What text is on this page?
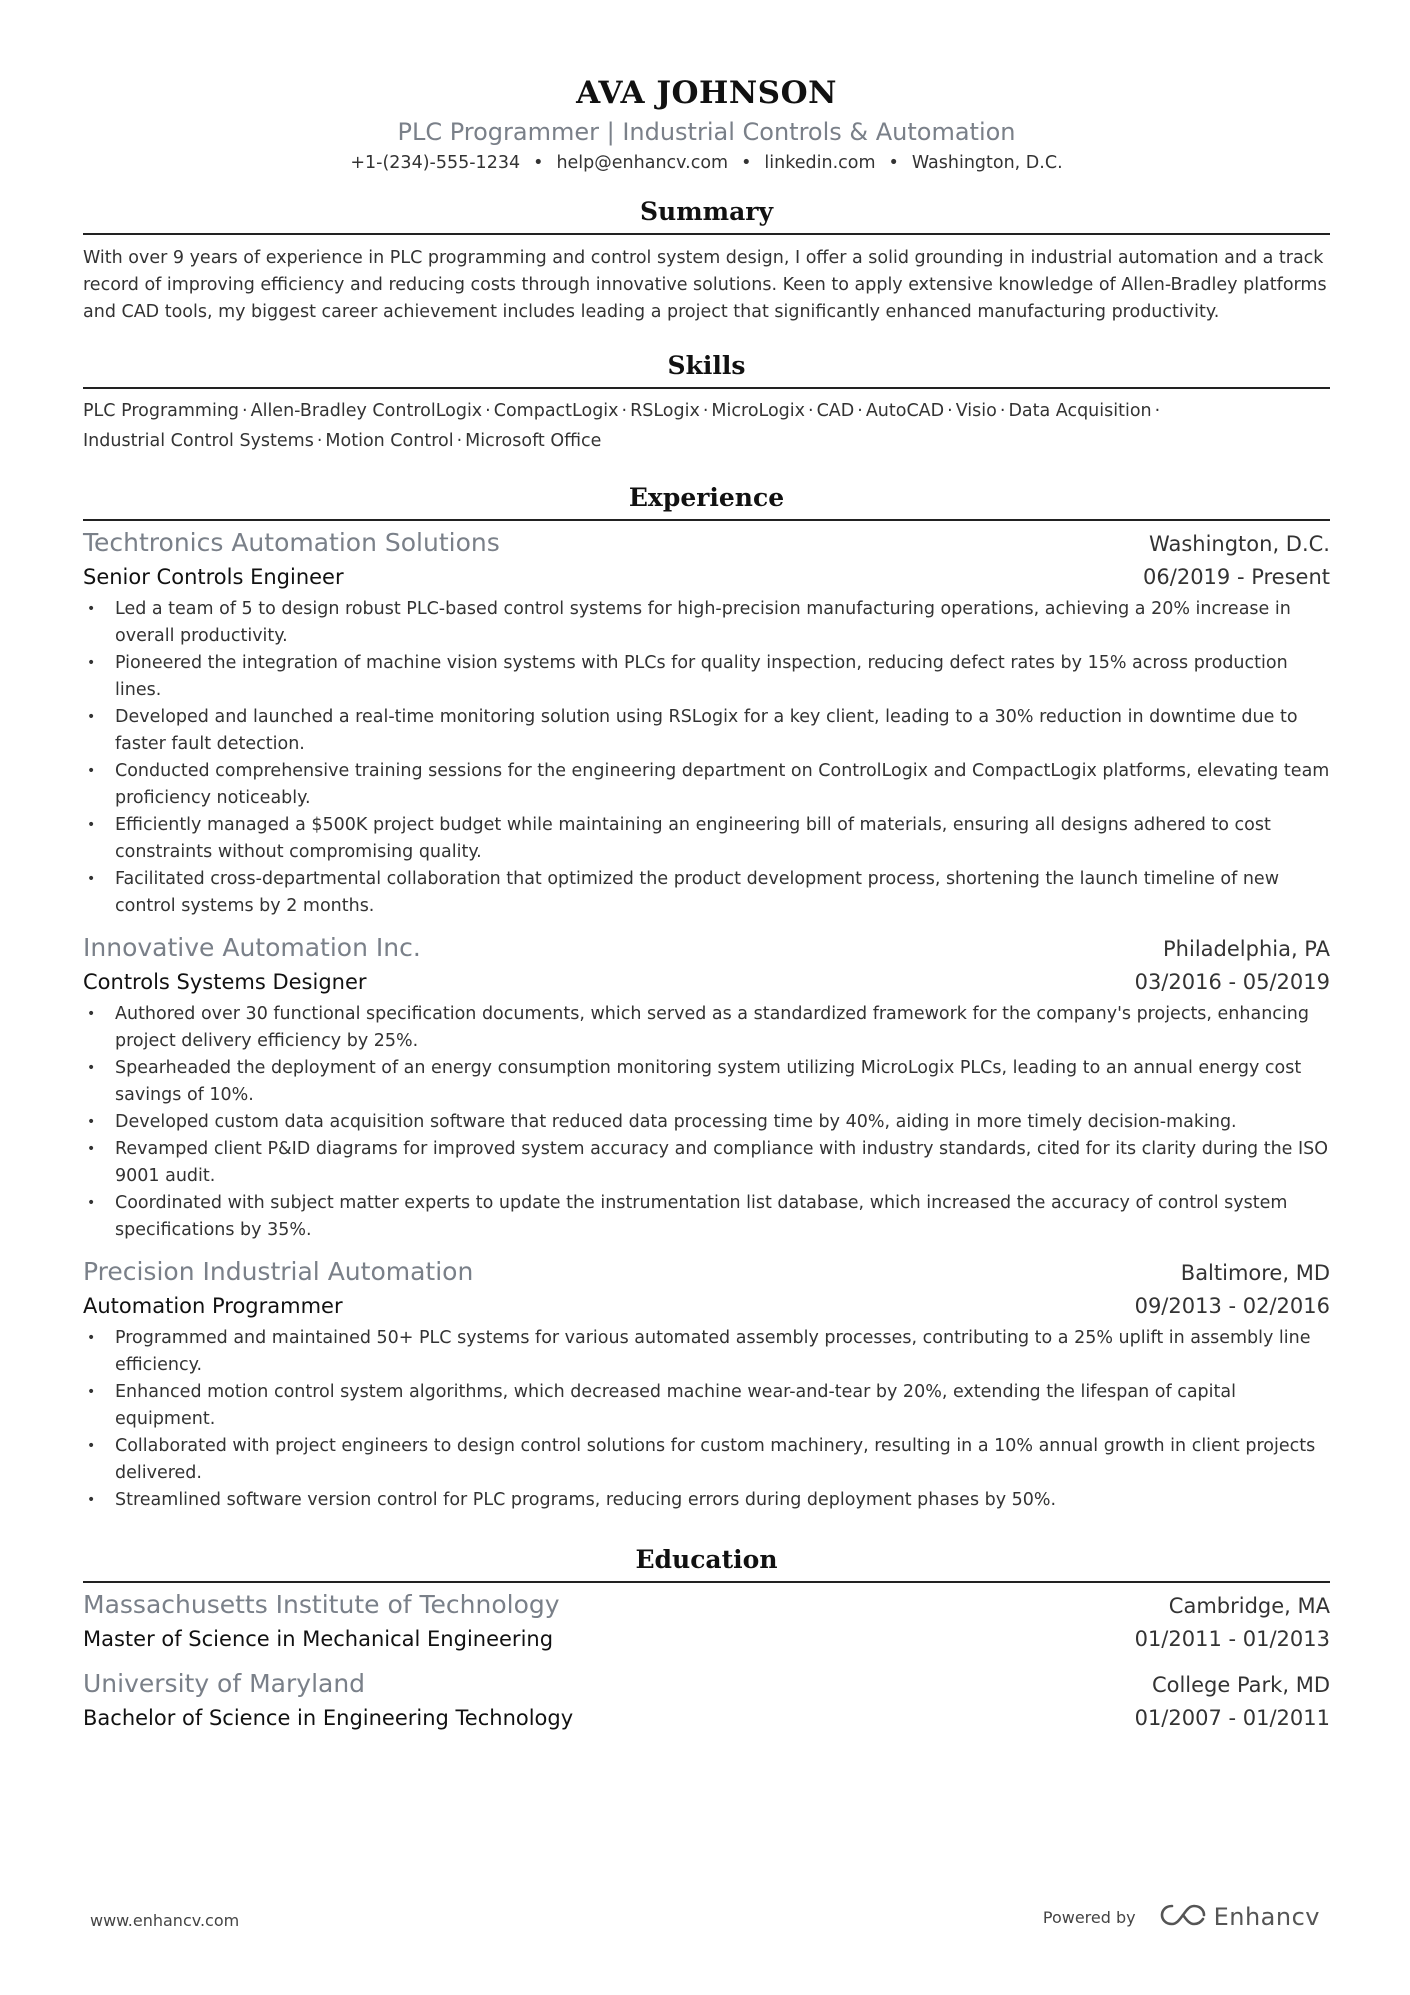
AVA JOHNSON
PLC Programmer | Industrial Controls & Automation
+1-(234)-555-1234 • help@enhancv.com • linkedin.com • Washington, D.C.
Summary
With over 9 years of experience in PLC programming and control system design, I offer a solid grounding in industrial automation and a track record of improving efficiency and reducing costs through innovative solutions. Keen to apply extensive knowledge of Allen-Bradley platforms and CAD tools, my biggest career achievement includes leading a project that significantly enhanced manufacturing productivity.
Skills
PLC Programming · Allen-Bradley ControlLogix · CompactLogix · RSLogix · MicroLogix · CAD · AutoCAD · Visio · Data Acquisition ·
Industrial Control Systems · Motion Control · Microsoft Office
Experience
Techtronics Automation Solutions	Washington, D.C.
Senior Controls Engineer	06/2019 - Present
• Led a team of 5 to design robust PLC-based control systems for high-precision manufacturing operations, achieving a 20% increase in overall productivity.
• Pioneered the integration of machine vision systems with PLCs for quality inspection, reducing defect rates by 15% across production lines.
• Developed and launched a real-time monitoring solution using RSLogix for a key client, leading to a 30% reduction in downtime due to faster fault detection.
• Conducted comprehensive training sessions for the engineering department on ControlLogix and CompactLogix platforms, elevating team proficiency noticeably.
• Efficiently managed a $500K project budget while maintaining an engineering bill of materials, ensuring all designs adhered to cost constraints without compromising quality.
• Facilitated cross-departmental collaboration that optimized the product development process, shortening the launch timeline of new control systems by 2 months.
Innovative Automation Inc.	Philadelphia, PA
Controls Systems Designer	03/2016 - 05/2019
• Authored over 30 functional specification documents, which served as a standardized framework for the company's projects, enhancing project delivery efficiency by 25%.
• Spearheaded the deployment of an energy consumption monitoring system utilizing MicroLogix PLCs, leading to an annual energy cost savings of 10%.
• Developed custom data acquisition software that reduced data processing time by 40%, aiding in more timely decision-making.
• Revamped client P&ID diagrams for improved system accuracy and compliance with industry standards, cited for its clarity during the ISO 9001 audit.
• Coordinated with subject matter experts to update the instrumentation list database, which increased the accuracy of control system specifications by 35%.
Precision Industrial Automation	Baltimore, MD
Automation Programmer	09/2013 - 02/2016
• Programmed and maintained 50+ PLC systems for various automated assembly processes, contributing to a 25% uplift in assembly line efficiency.
• Enhanced motion control system algorithms, which decreased machine wear-and-tear by 20%, extending the lifespan of capital equipment.
• Collaborated with project engineers to design control solutions for custom machinery, resulting in a 10% annual growth in client projects delivered.
• Streamlined software version control for PLC programs, reducing errors during deployment phases by 50%.
Education
Massachusetts Institute of Technology	Cambridge, MA
Master of Science in Mechanical Engineering	01/2011 - 01/2013
University of Maryland	College Park, MD
Bachelor of Science in Engineering Technology	01/2007 - 01/2011
www.enhancv.com	Powered by	Enhancv
